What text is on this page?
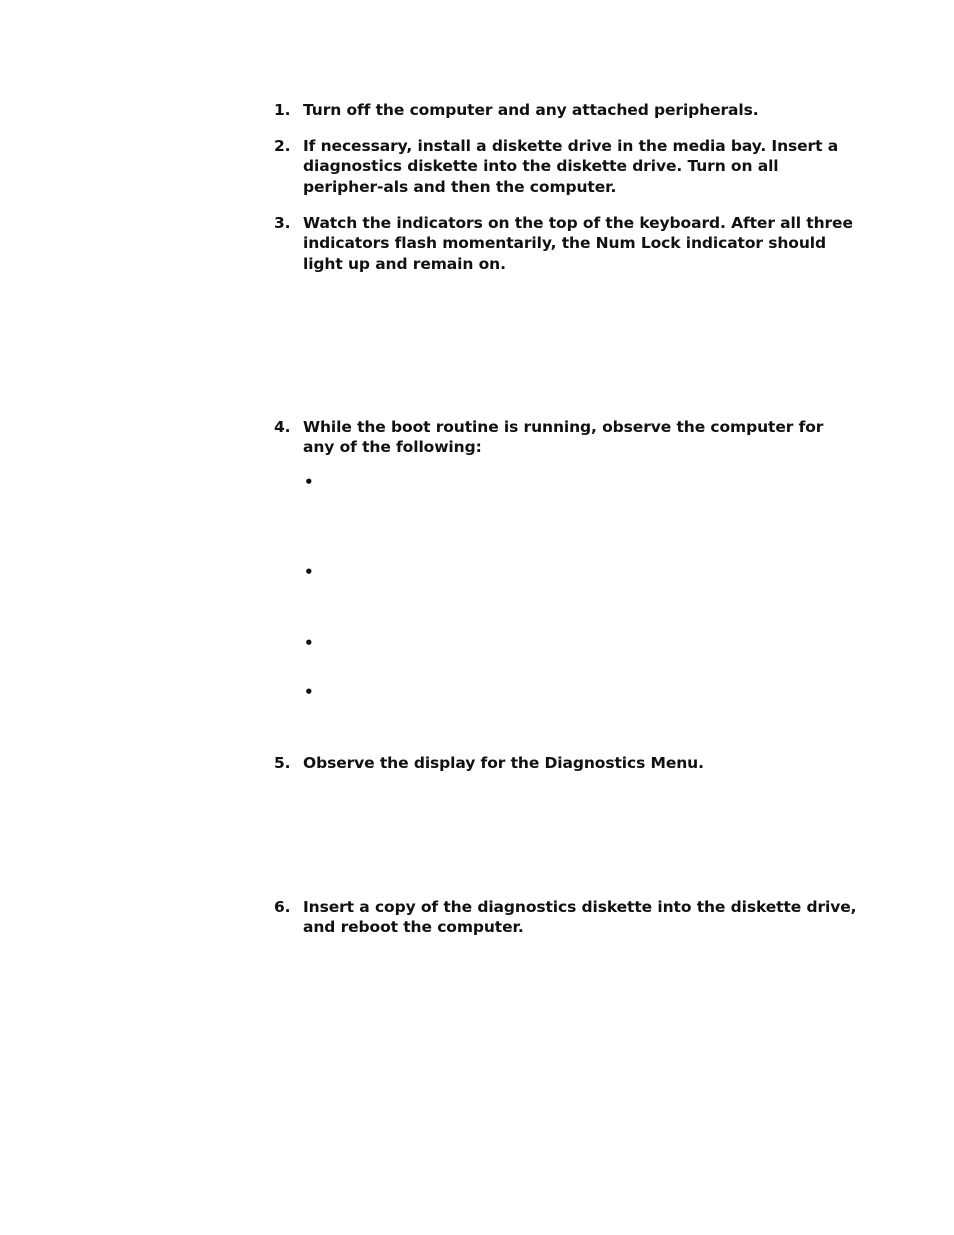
1. Turn off the computer and any attached peripherals.
2. If necessary, install a diskette drive in the media bay. Insert a diagnostics diskette into the diskette drive. Turn on all peripher-als and then the computer.
3. Watch the indicators on the top of the keyboard. After all three indicators flash momentarily, the Num Lock indicator should light up and remain on.
4. While the boot routine is running, observe the computer for any of the following:
•
•
•
•
5. Observe the display for the Diagnostics Menu.
6. Insert a copy of the diagnostics diskette into the diskette drive, and reboot the computer.
